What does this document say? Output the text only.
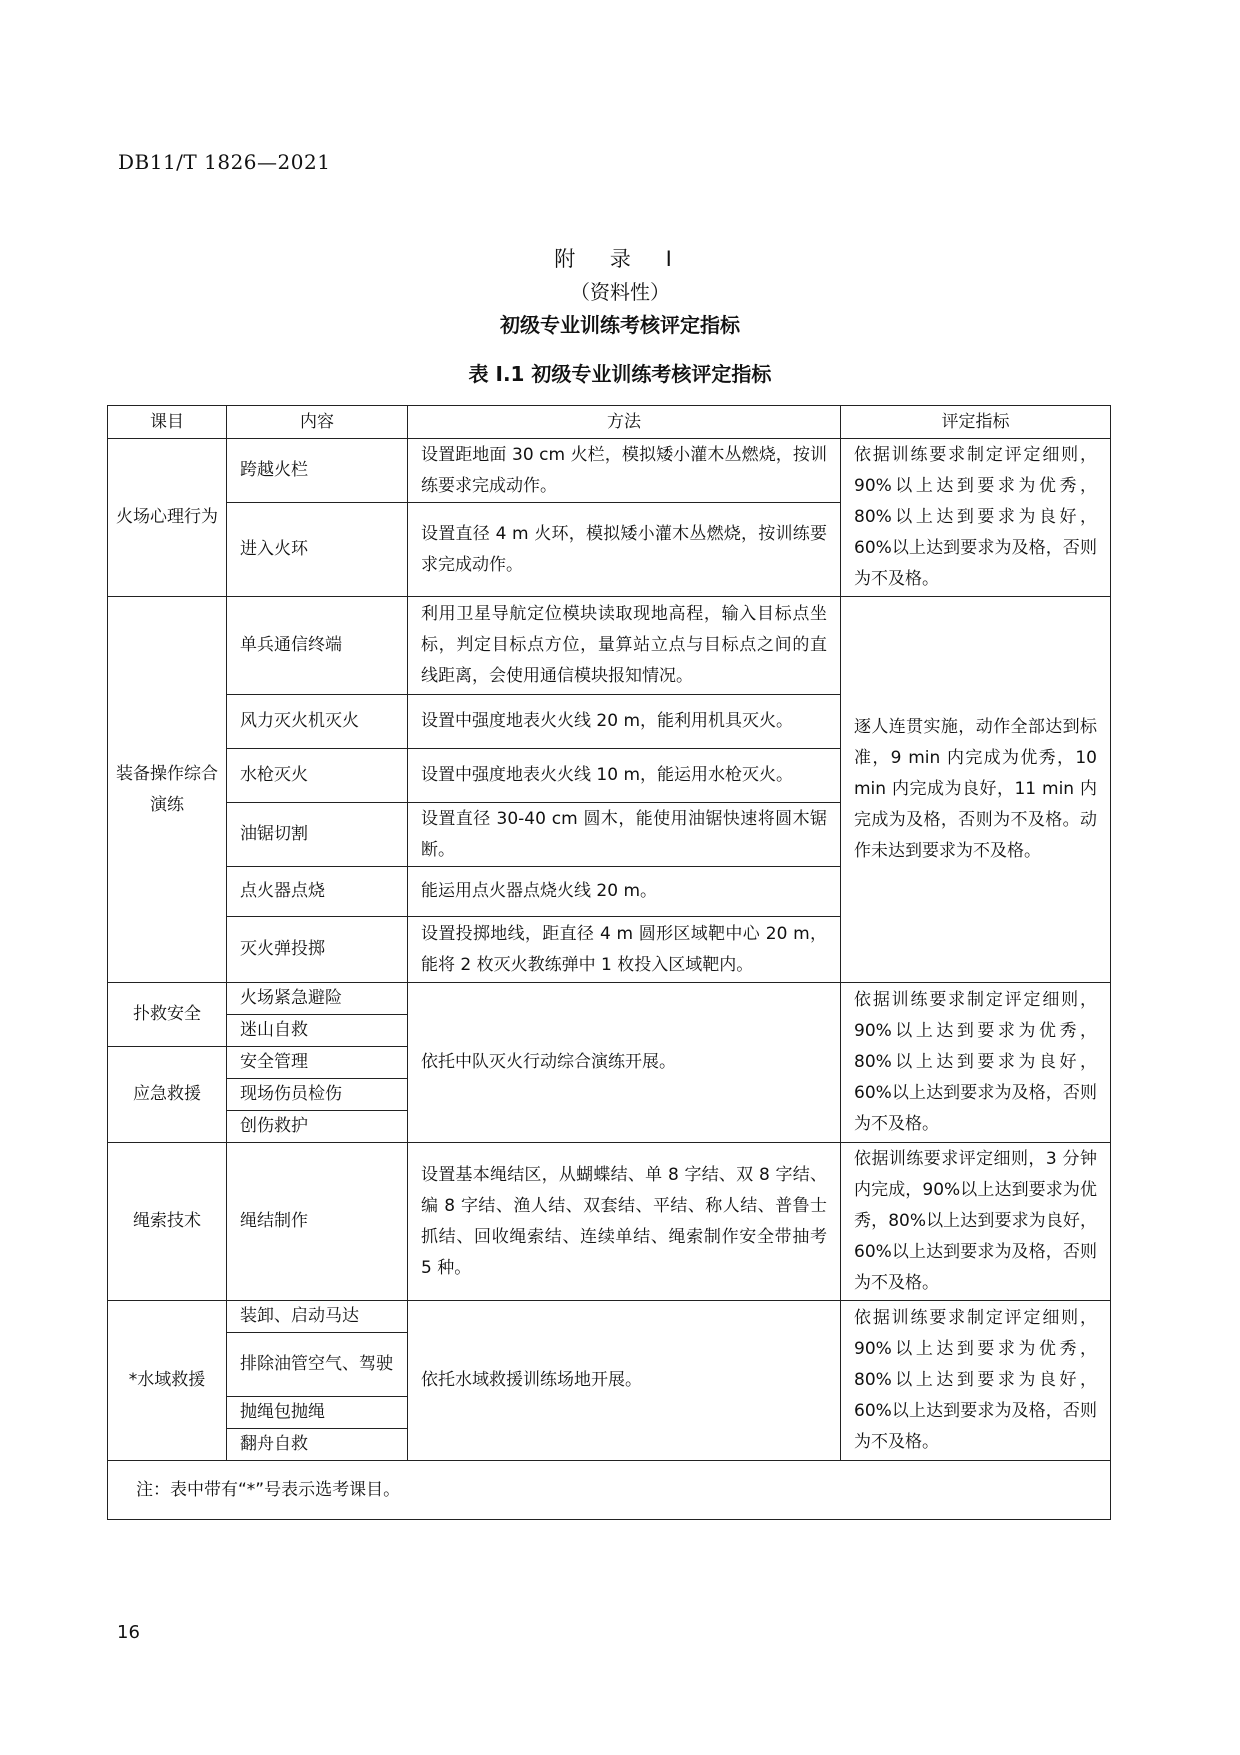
DB11/T 1826—2021
附 录 I
（资料性）
初级专业训练考核评定指标
表 I.1 初级专业训练考核评定指标
课目	内容	方法	评定指标
火场心理行为	跨越火栏	设置距地面 30 cm 火栏，模拟矮小灌木丛燃烧，按训练要求完成动作。	依据训练要求制定评定细则，90%以上达到要求为优秀，80%以上达到要求为良好，60%以上达到要求为及格，否则为不及格。
	进入火环	设置直径 4 m 火环，模拟矮小灌木丛燃烧，按训练要求完成动作。	
装备操作综合演练	单兵通信终端	利用卫星导航定位模块读取现地高程，输入目标点坐标，判定目标点方位，量算站立点与目标点之间的直线距离，会使用通信模块报知情况。	逐人连贯实施，动作全部达到标准，9 min 内完成为优秀，10 min 内完成为良好，11 min 内完成为及格，否则为不及格。动作未达到要求为不及格。
	风力灭火机灭火	设置中强度地表火火线 20 m，能利用机具灭火。	
	水枪灭火	设置中强度地表火火线 10 m，能运用水枪灭火。	
	油锯切割	设置直径 30-40 cm 圆木，能使用油锯快速将圆木锯断。	
	点火器点烧	能运用点火器点烧火线 20 m。	
	灭火弹投掷	设置投掷地线，距直径 4 m 圆形区域靶中心 20 m，能将 2 枚灭火教练弹中 1 枚投入区域靶内。	
扑救安全	火场紧急避险	依托中队灭火行动综合演练开展。	依据训练要求制定评定细则，90%以上达到要求为优秀，80%以上达到要求为良好，60%以上达到要求为及格，否则为不及格。
	迷山自救		
应急救援	安全管理		
	现场伤员检伤		
	创伤救护		
绳索技术	绳结制作	设置基本绳结区，从蝴蝶结、单 8 字结、双 8 字结、编 8 字结、渔人结、双套结、平结、称人结、普鲁士抓结、回收绳索结、连续单结、绳索制作安全带抽考 5 种。	依据训练要求评定细则，3 分钟内完成，90%以上达到要求为优秀，80%以上达到要求为良好，60%以上达到要求为及格，否则为不及格。
*水域救援	装卸、启动马达	依托水域救援训练场地开展。	依据训练要求制定评定细则，90%以上达到要求为优秀，80%以上达到要求为良好，60%以上达到要求为及格，否则为不及格。
	排除油管空气、驾驶		
	抛绳包抛绳		
	翻舟自救		
注：表中带有“*”号表示选考课目。			
16
